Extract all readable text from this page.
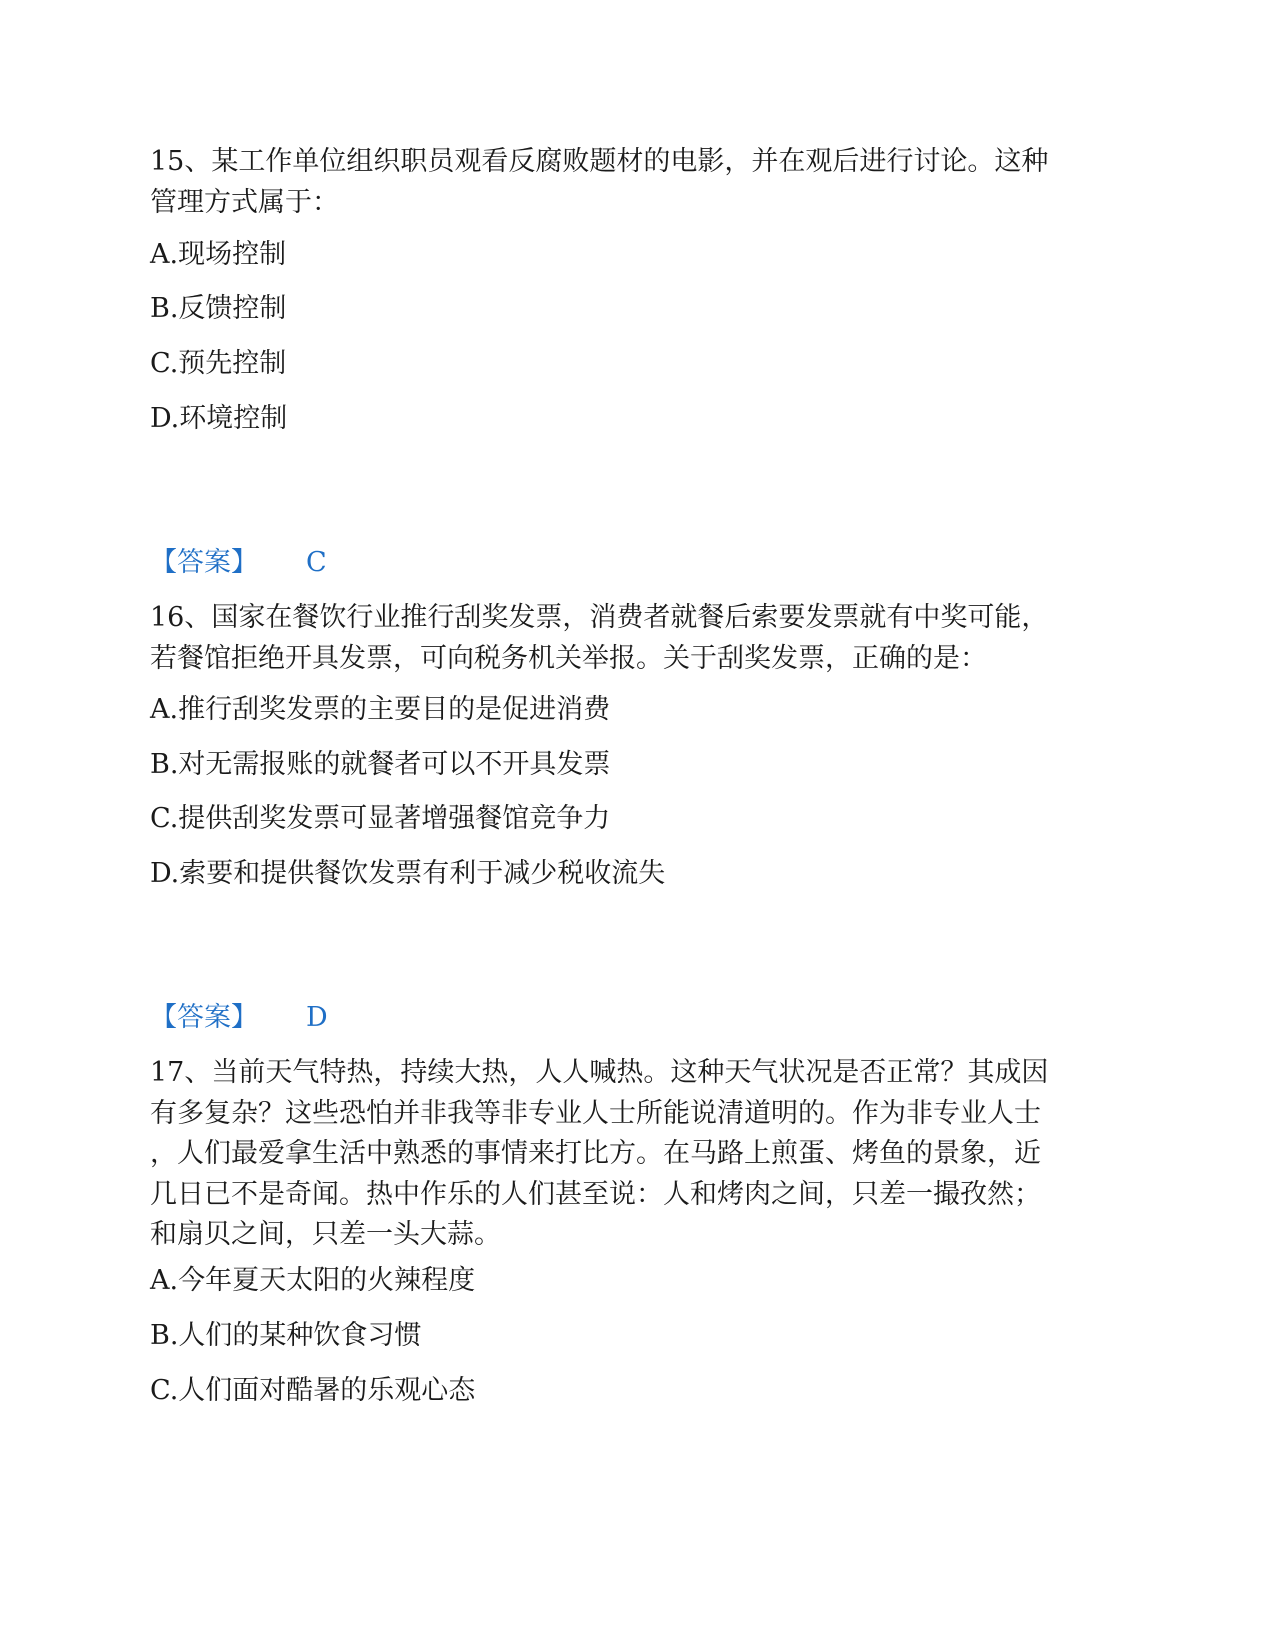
15、某工作单位组织职员观看反腐败题材的电影，并在观后进行讨论。这种
管理方式属于：
A.现场控制
B.反馈控制
C.预先控制
D.环境控制
【答案】 C
16、国家在餐饮行业推行刮奖发票，消费者就餐后索要发票就有中奖可能，
若餐馆拒绝开具发票，可向税务机关举报。关于刮奖发票，正确的是：
A.推行刮奖发票的主要目的是促进消费
B.对无需报账的就餐者可以不开具发票
C.提供刮奖发票可显著增强餐馆竞争力
D.索要和提供餐饮发票有利于减少税收流失
【答案】 D
17、当前天气特热，持续大热，人人喊热。这种天气状况是否正常？其成因
有多复杂？这些恐怕并非我等非专业人士所能说清道明的。作为非专业人士
，人们最爱拿生活中熟悉的事情来打比方。在马路上煎蛋、烤鱼的景象，近
几日已不是奇闻。热中作乐的人们甚至说：人和烤肉之间，只差一撮孜然；
和扇贝之间，只差一头大蒜。
A.今年夏天太阳的火辣程度
B.人们的某种饮食习惯
C.人们面对酷暑的乐观心态
